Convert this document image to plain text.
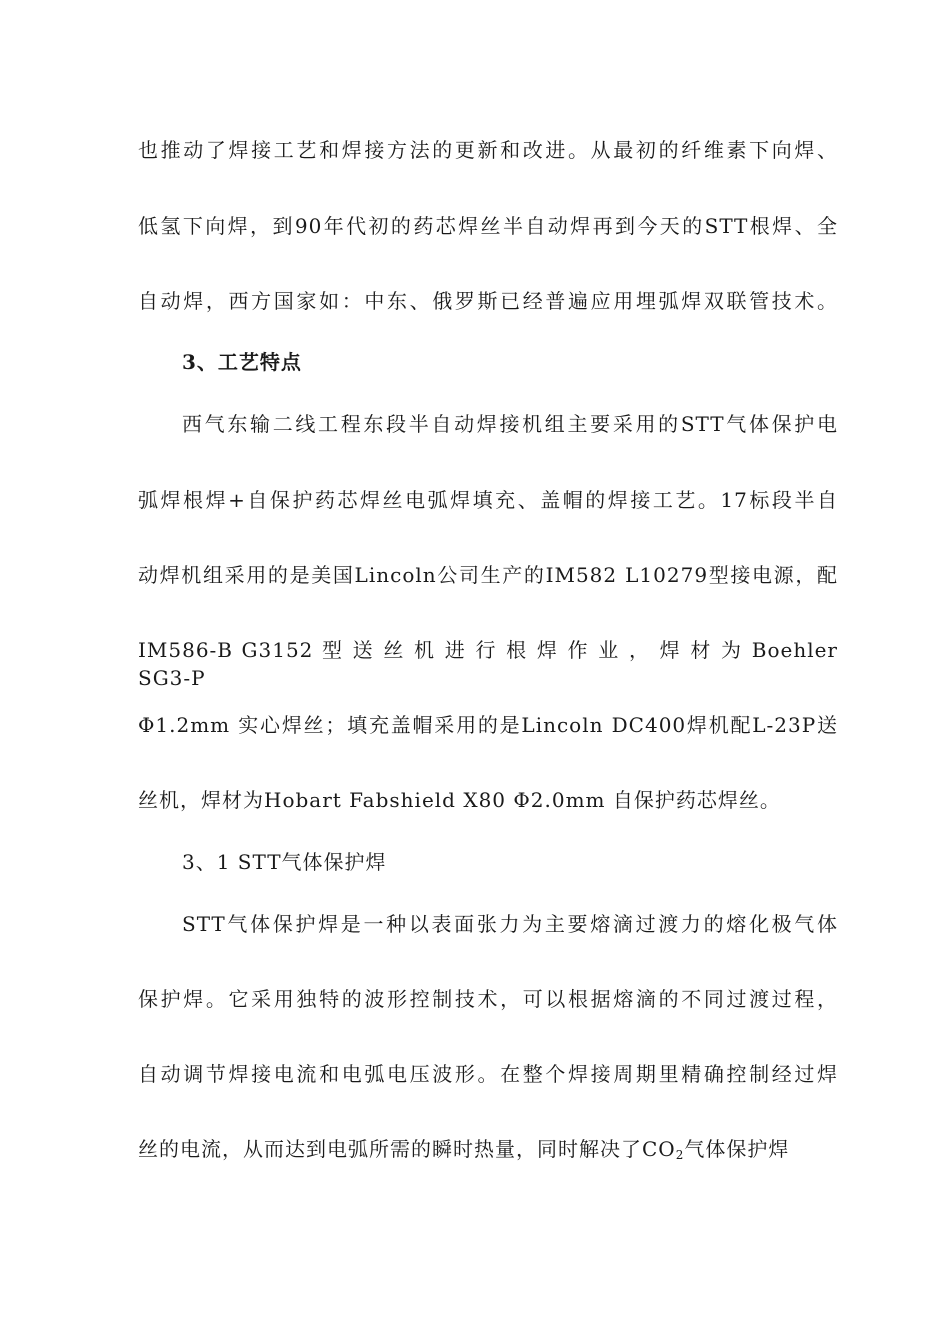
也推动了焊接工艺和焊接方法的更新和改进。从最初的纤维素下向焊、
低氢下向焊，到90年代初的药芯焊丝半自动焊再到今天的STT根焊、全
自动焊，西方国家如：中东、俄罗斯已经普遍应用埋弧焊双联管技术。
3、工艺特点
西气东输二线工程东段半自动焊接机组主要采用的STT气体保护电
弧焊根焊+自保护药芯焊丝电弧焊填充、盖帽的焊接工艺。17标段半自
动焊机组采用的是美国Lincoln公司生产的IM582 L10279型接电源，配
IM586-B G3152 型 送 丝 机 进 行 根 焊 作 业 ， 焊 材 为 Boehler SG3-P
Φ1.2mm 实心焊丝；填充盖帽采用的是Lincoln DC400焊机配L-23P送
丝机，焊材为Hobart Fabshield X80 Φ2.0mm 自保护药芯焊丝。
3、1 STT气体保护焊
STT气体保护焊是一种以表面张力为主要熔滴过渡力的熔化极气体
保护焊。它采用独特的波形控制技术，可以根据熔滴的不同过渡过程，
自动调节焊接电流和电弧电压波形。在整个焊接周期里精确控制经过焊
丝的电流，从而达到电弧所需的瞬时热量，同时解决了$CO_2$气体保护焊
